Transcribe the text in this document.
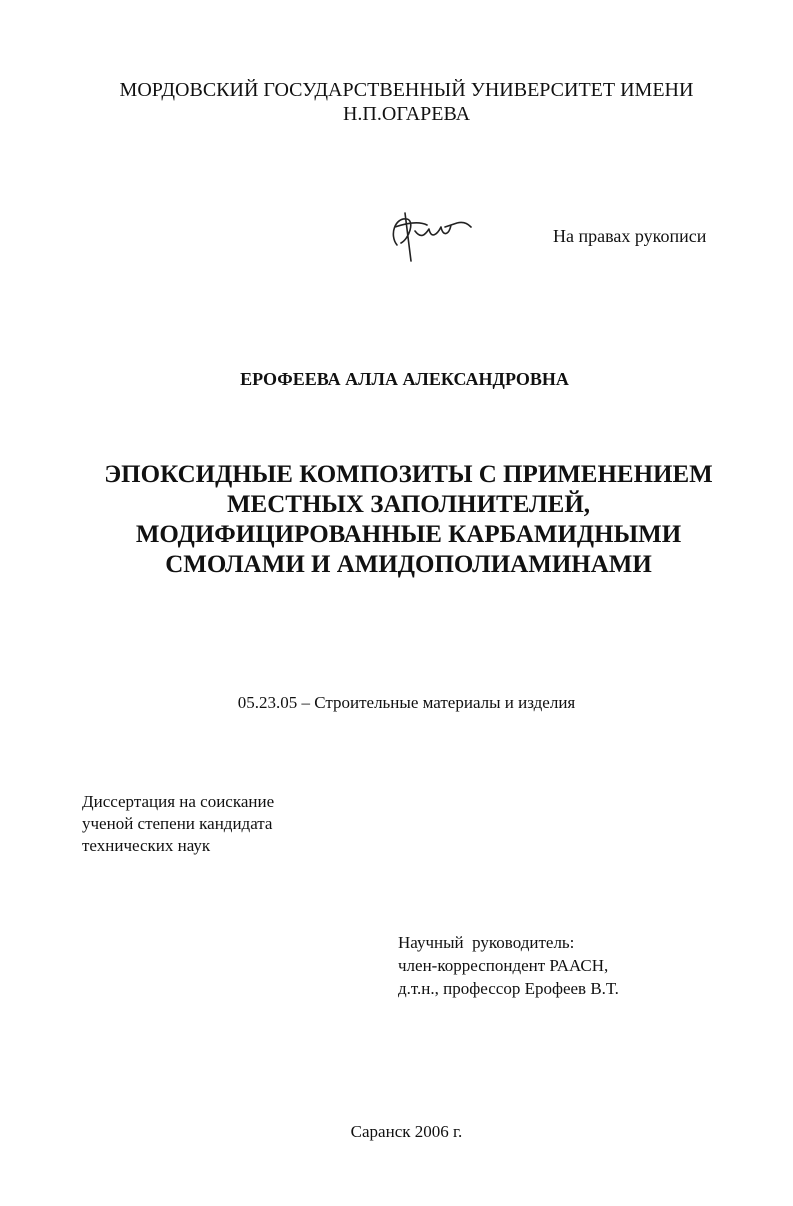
МОРДОВСКИЙ ГОСУДАРСТВЕННЫЙ УНИВЕРСИТЕТ ИМЕНИ
Н.П.ОГАРЕВА
На правах рукописи
ЕРОФЕЕВА АЛЛА АЛЕКСАНДРОВНА
ЭПОКСИДНЫЕ КОМПОЗИТЫ С ПРИМЕНЕНИЕМ
МЕСТНЫХ ЗАПОЛНИТЕЛЕЙ,
МОДИФИЦИРОВАННЫЕ КАРБАМИДНЫМИ
СМОЛАМИ И АМИДОПОЛИАМИНАМИ
05.23.05 – Строительные материалы и изделия
Диссертация на соискание
ученой степени кандидата
технических наук
Научный  руководитель:
член-корреспондент РААСН,
д.т.н., профессор Ерофеев В.Т.
Саранск 2006 г.
